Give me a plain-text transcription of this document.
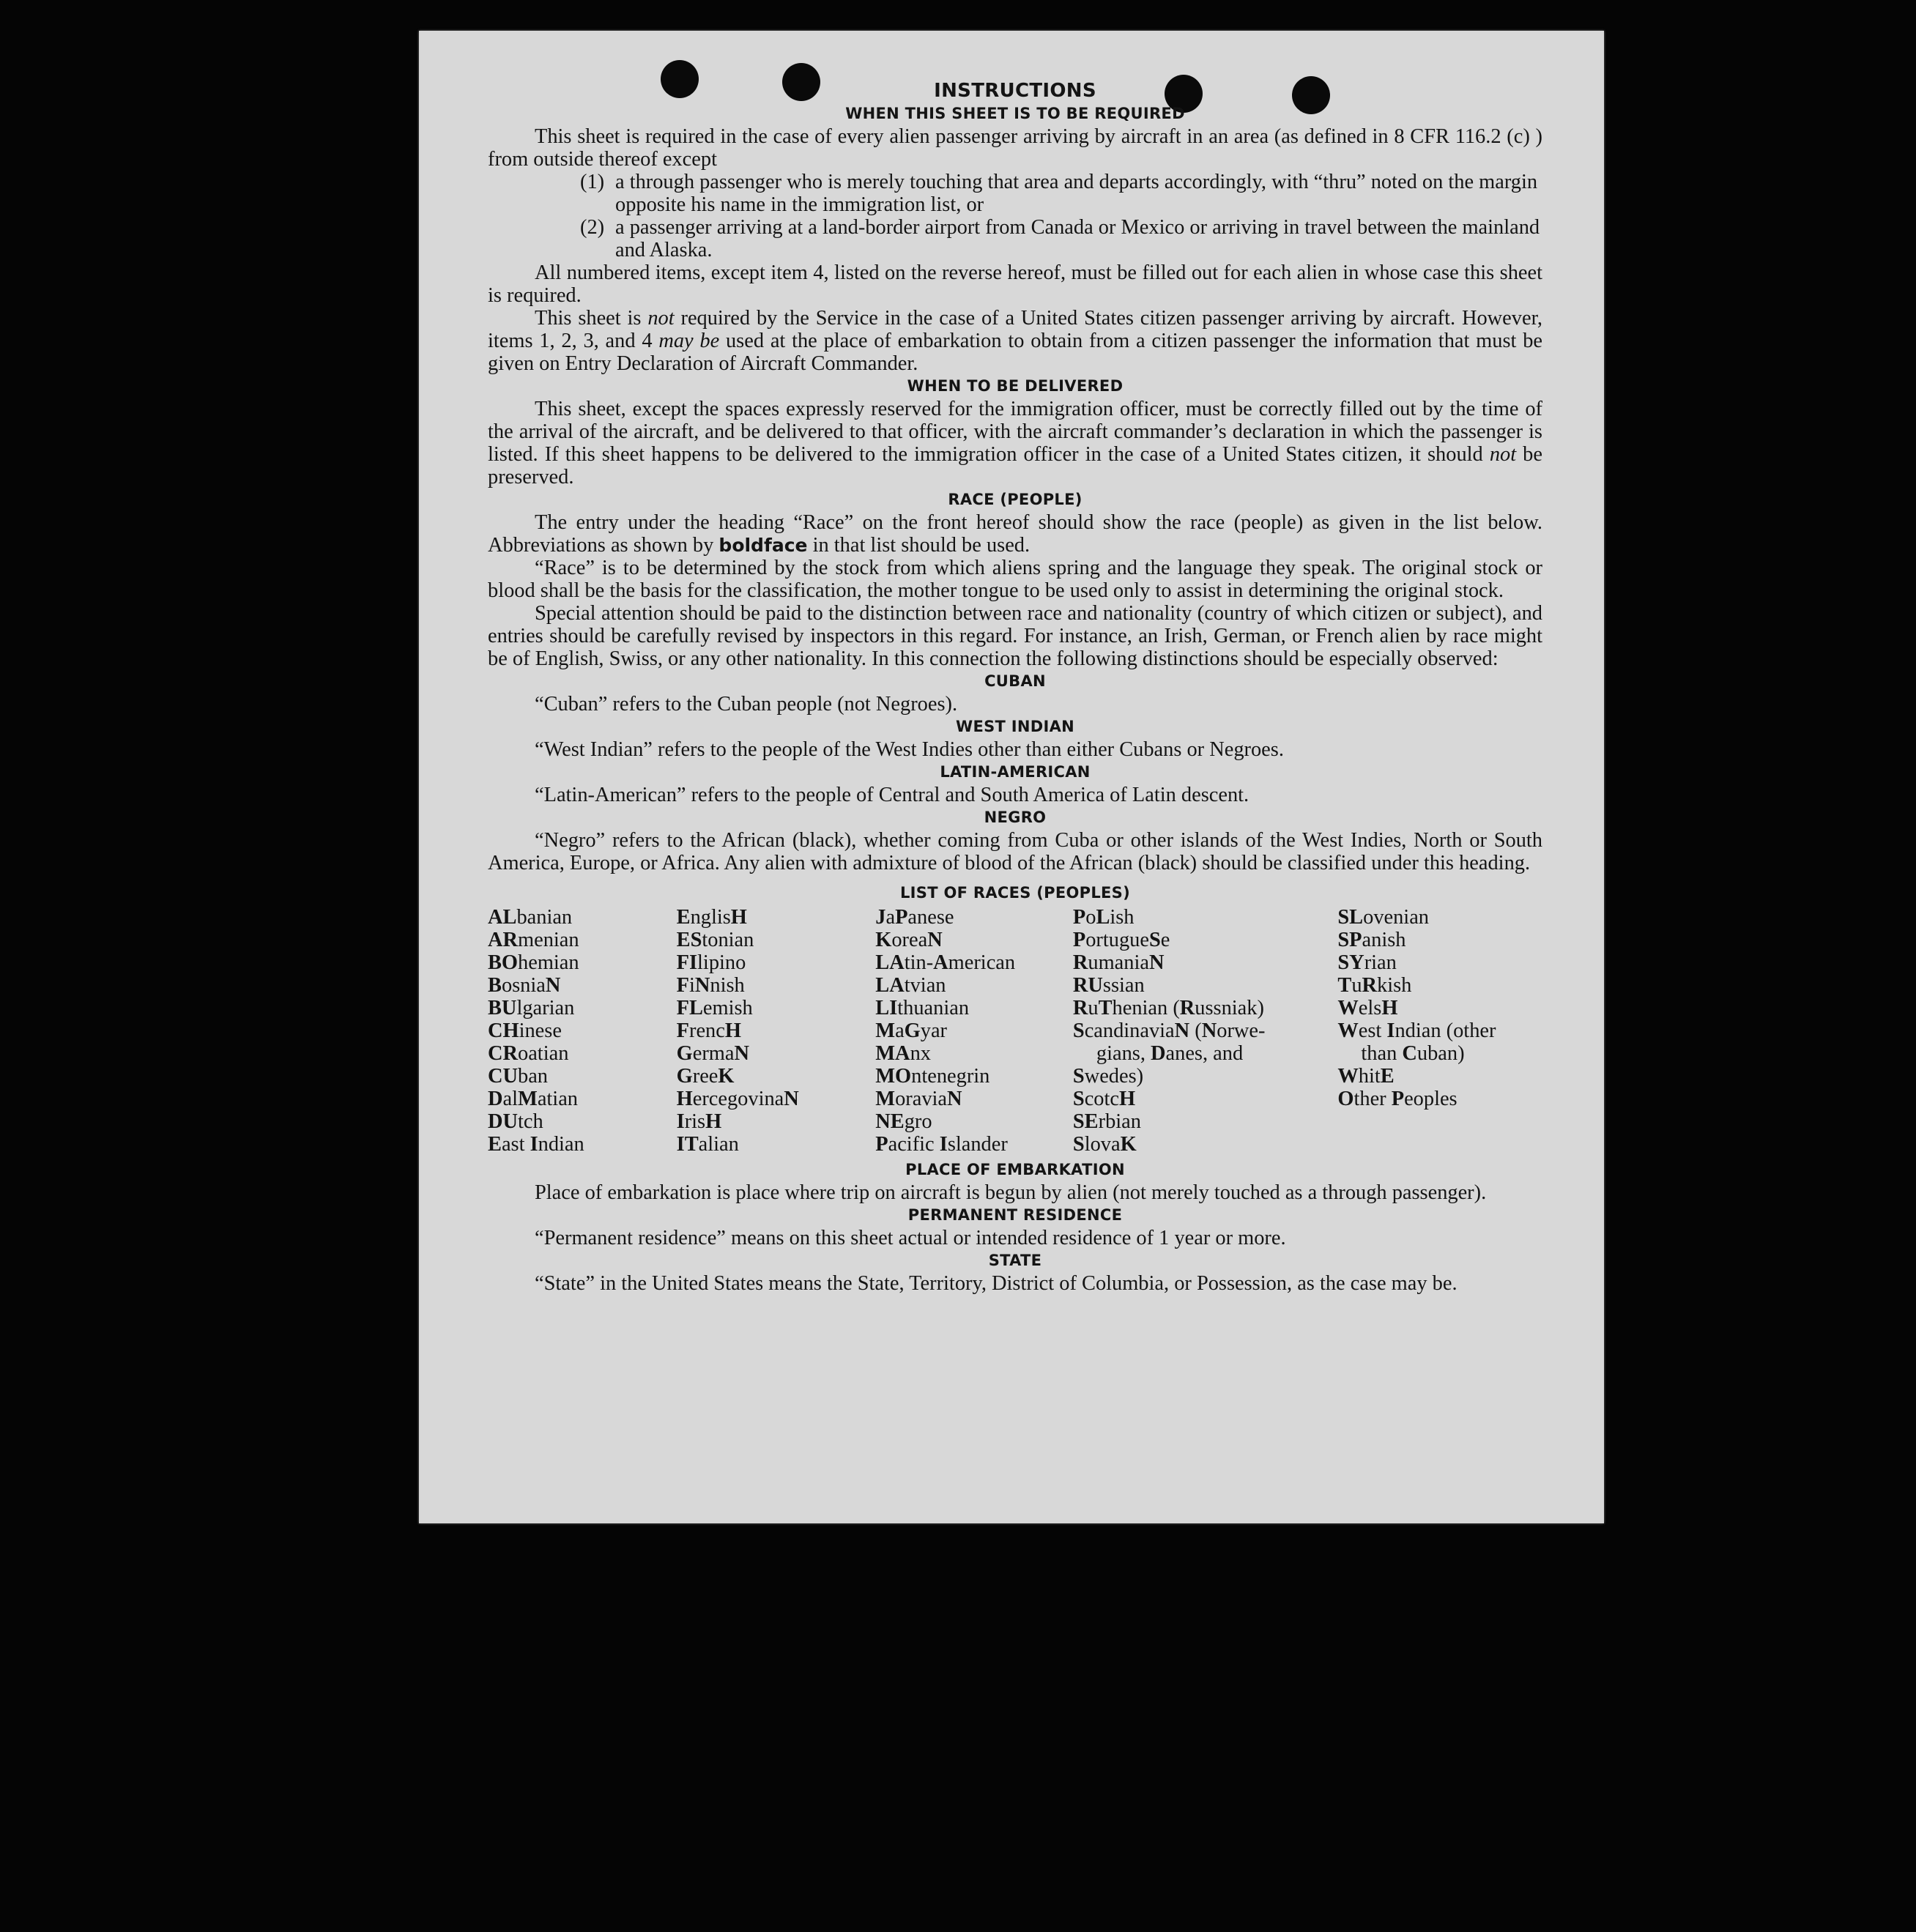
INSTRUCTIONS
WHEN THIS SHEET IS TO BE REQUIRED

This sheet is required in the case of every alien passenger arriving by aircraft in an area (as defined in 8 CFR 116.2 (c) ) from outside thereof except

(1) a through passenger who is merely touching that area and departs accordingly, with “thru” noted on the margin opposite his name in the immigration list, or
(2) a passenger arriving at a land-border airport from Canada or Mexico or arriving in travel between the mainland and Alaska.

All numbered items, except item 4, listed on the reverse hereof, must be filled out for each alien in whose case this sheet is required.

This sheet is not required by the Service in the case of a United States citizen passenger arriving by aircraft. However, items 1, 2, 3, and 4 may be used at the place of embarkation to obtain from a citizen passenger the information that must be given on Entry Declaration of Aircraft Commander.

WHEN TO BE DELIVERED

This sheet, except the spaces expressly reserved for the immigration officer, must be correctly filled out by the time of the arrival of the aircraft, and be delivered to that officer, with the aircraft commander’s declaration in which the passenger is listed. If this sheet happens to be delivered to the immigration officer in the case of a United States citizen, it should not be preserved.

RACE (PEOPLE)

The entry under the heading “Race” on the front hereof should show the race (people) as given in the list below. Abbreviations as shown by boldface in that list should be used.

“Race” is to be determined by the stock from which aliens spring and the language they speak. The original stock or blood shall be the basis for the classification, the mother tongue to be used only to assist in determining the original stock.

Special attention should be paid to the distinction between race and nationality (country of which citizen or subject), and entries should be carefully revised by inspectors in this regard. For instance, an Irish, German, or French alien by race might be of English, Swiss, or any other nationality. In this connection the following distinctions should be especially observed:

CUBAN

“Cuban” refers to the Cuban people (not Negroes).

WEST INDIAN

“West Indian” refers to the people of the West Indies other than either Cubans or Negroes.

LATIN-AMERICAN

“Latin-American” refers to the people of Central and South America of Latin descent.

NEGRO

“Negro” refers to the African (black), whether coming from Cuba or other islands of the West Indies, North or South America, Europe, or Africa. Any alien with admixture of blood of the African (black) should be classified under this heading.

LIST OF RACES (PEOPLES)
ALbanian
ARmenian
BOhemian
BosniaN
BUlgarian
CHinese
CRoatian
CUban
DalMatian
DUtch
East Indian
EnglisH
EStonian
FIlipino
FiNnish
FLemish
FrencH
GermaN
GreeK
HercegovinaN
IrisH
ITalian
JaPanese
KoreaN
LAtin-American
LAtvian
LIthuanian
MaGyar
MAnx
MOntenegrin
MoraviaN
NEgro
Pacific Islander
PoLish
PortugueSe
RumaniaN
RUssian
RuThenian (Russniak)
ScandinaviaN (Norwe-
gians, Danes, and
Swedes)
ScotcH
SErbian
SlovaK
SLovenian
SPanish
SYrian
TuRkish
WelsH
West Indian (other
than Cuban)
WhitE
Other Peoples
PLACE OF EMBARKATION

Place of embarkation is place where trip on aircraft is begun by alien (not merely touched as a through passenger).

PERMANENT RESIDENCE

“Permanent residence” means on this sheet actual or intended residence of 1 year or more.

STATE

“State” in the United States means the State, Territory, District of Columbia, or Possession, as the case may be.
